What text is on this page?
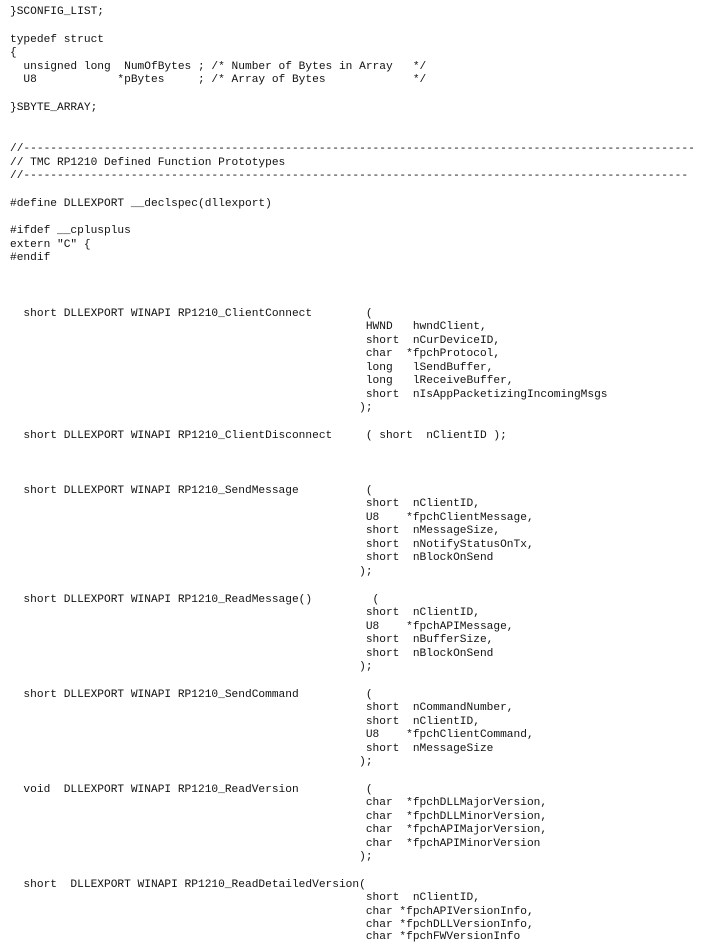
}SCONFIG_LIST;
typedef struct
{
unsigned long  NumOfBytes ; /* Number of Bytes in Array   */
U8            *pBytes     ; /* Array of Bytes             */
}SBYTE_ARRAY;
//----------------------------------------------------------------------------------------------------
// TMC RP1210 Defined Function Prototypes
//---------------------------------------------------------------------------------------------------
#define DLLEXPORT __declspec(dllexport)
#ifdef __cplusplus
extern "C" {
#endif
short DLLEXPORT WINAPI RP1210_ClientConnect        (
HWND   hwndClient,
short  nCurDeviceID,
char  *fpchProtocol,
long   lSendBuffer,
long   lReceiveBuffer,
short  nIsAppPacketizingIncomingMsgs
);
short DLLEXPORT WINAPI RP1210_ClientDisconnect     ( short  nClientID );
short DLLEXPORT WINAPI RP1210_SendMessage          (
short  nClientID,
U8    *fpchClientMessage,
short  nMessageSize,
short  nNotifyStatusOnTx,
short  nBlockOnSend
);
short DLLEXPORT WINAPI RP1210_ReadMessage()         (
short  nClientID,
U8    *fpchAPIMessage,
short  nBufferSize,
short  nBlockOnSend
);
short DLLEXPORT WINAPI RP1210_SendCommand          (
short  nCommandNumber,
short  nClientID,
U8    *fpchClientCommand,
short  nMessageSize
);
void  DLLEXPORT WINAPI RP1210_ReadVersion          (
char  *fpchDLLMajorVersion,
char  *fpchDLLMinorVersion,
char  *fpchAPIMajorVersion,
char  *fpchAPIMinorVersion
);
short  DLLEXPORT WINAPI RP1210_ReadDetailedVersion(
short  nClientID,
char *fpchAPIVersionInfo,
char *fpchDLLVersionInfo,
char *fpchFWVersionInfo
